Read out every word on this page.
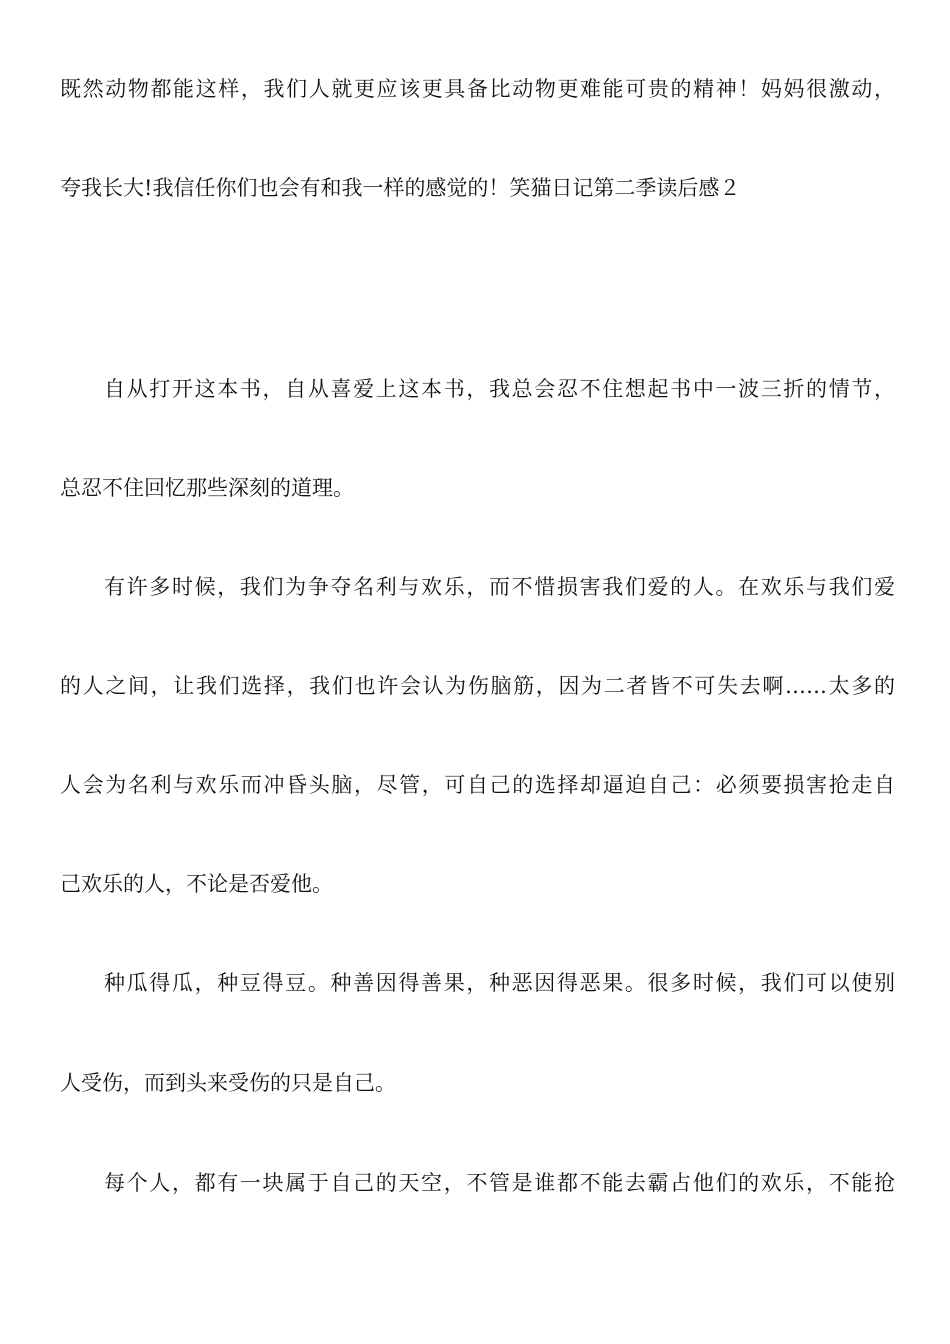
既然动物都能这样，我们人就更应该更具备比动物更难能可贵的精神！妈妈很激动，
夸我长大!我信任你们也会有和我一样的感觉的！笑猫日记第二季读后感２
自从打开这本书，自从喜爱上这本书，我总会忍不住想起书中一波三折的情节，
总忍不住回忆那些深刻的道理。
有许多时候，我们为争夺名利与欢乐，而不惜损害我们爱的人。在欢乐与我们爱
的人之间，让我们选择，我们也许会认为伤脑筋，因为二者皆不可失去啊……太多的
人会为名利与欢乐而冲昏头脑，尽管，可自己的选择却逼迫自己：必须要损害抢走自
己欢乐的人，不论是否爱他。
种瓜得瓜，种豆得豆。种善因得善果，种恶因得恶果。很多时候，我们可以使别
人受伤，而到头来受伤的只是自己。
每个人，都有一块属于自己的天空，不管是谁都不能去霸占他们的欢乐，不能抢
